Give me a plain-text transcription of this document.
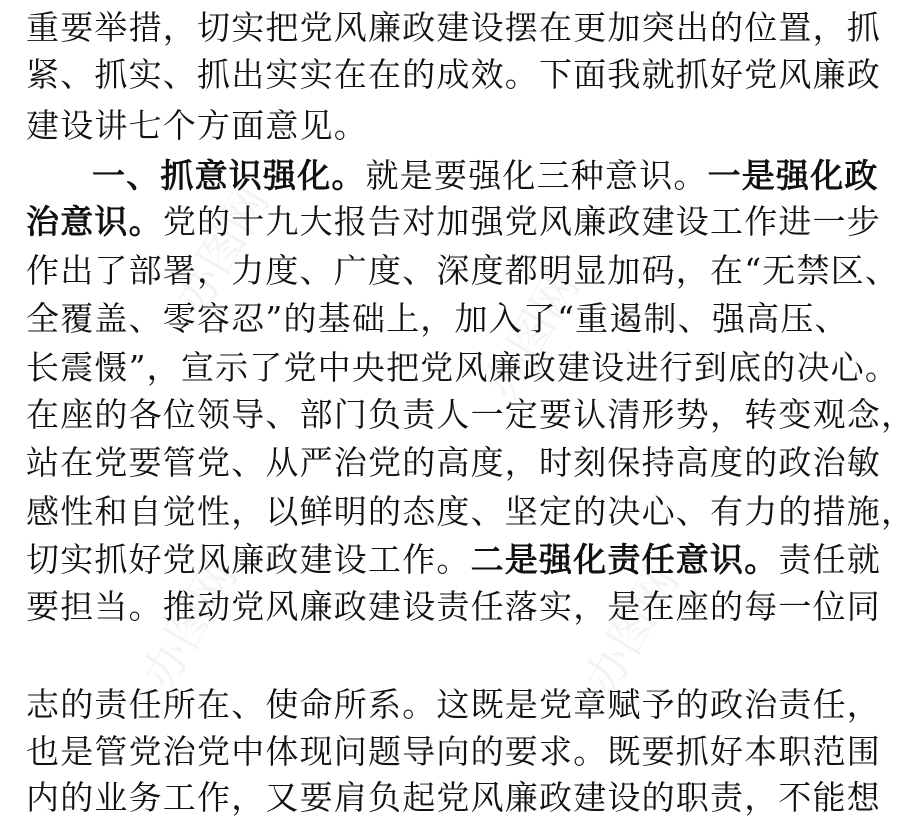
办图网	办图网
办图网
办图网
重要举措，切实把党风廉政建设摆在更加突出的位置，抓
紧、抓实、抓出实实在在的成效。下面我就抓好党风廉政
建设讲七个方面意见。
一、抓意识强化。就是要强化三种意识。一是强化政
治意识。党的十九大报告对加强党风廉政建设工作进一步
作出了部署，力度、广度、深度都明显加码，在“无禁区、
全覆盖、零容忍”的基础上，加入了“重遏制、强高压、
长震慑”，宣示了党中央把党风廉政建设进行到底的决心。
在座的各位领导、部门负责人一定要认清形势，转变观念，
站在党要管党、从严治党的高度，时刻保持高度的政治敏
感性和自觉性，以鲜明的态度、坚定的决心、有力的措施，
切实抓好党风廉政建设工作。二是强化责任意识。责任就
要担当。推动党风廉政建设责任落实，是在座的每一位同
志的责任所在、使命所系。这既是党章赋予的政治责任，
也是管党治党中体现问题导向的要求。既要抓好本职范围
内的业务工作，又要肩负起党风廉政建设的职责，不能想
